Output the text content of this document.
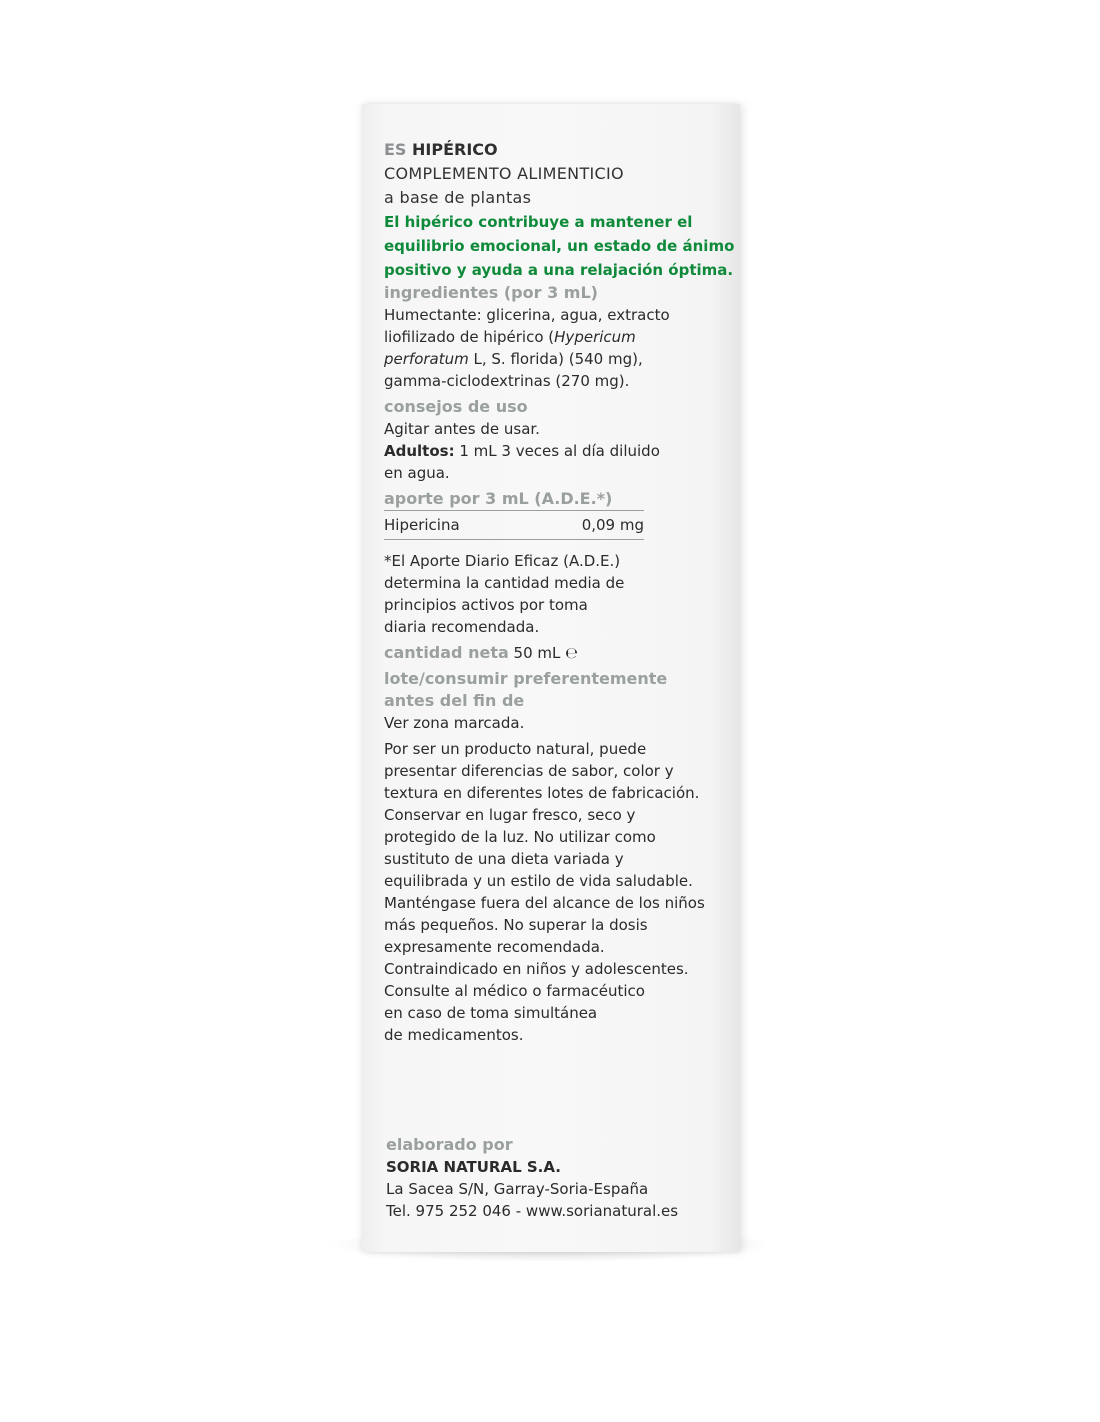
ES HIPÉRICO
COMPLEMENTO ALIMENTICIO
a base de plantas
El hipérico contribuye a mantener el
equilibrio emocional, un estado de ánimo
positivo y ayuda a una relajación óptima.
ingredientes (por 3 mL)
Humectante: glicerina, agua, extracto
liofilizado de hipérico (Hypericum
perforatum L, S. florida) (540 mg),
gamma-ciclodextrinas (270 mg).
consejos de uso
Agitar antes de usar.
Adultos: 1 mL 3 veces al día diluido
en agua.
aporte por 3 mL (A.D.E.*)
Hipericina	0,09 mg
*El Aporte Diario Eficaz (A.D.E.)
determina la cantidad media de
principios activos por toma
diaria recomendada.
cantidad neta 50 mL ℮
lote/consumir preferentemente
antes del fin de
Ver zona marcada.
Por ser un producto natural, puede
presentar diferencias de sabor, color y
textura en diferentes lotes de fabricación.
Conservar en lugar fresco, seco y
protegido de la luz. No utilizar como
sustituto de una dieta variada y
equilibrada y un estilo de vida saludable.
Manténgase fuera del alcance de los niños
más pequeños. No superar la dosis
expresamente recomendada.
Contraindicado en niños y adolescentes.
Consulte al médico o farmacéutico
en caso de toma simultánea
de medicamentos.
elaborado por
SORIA NATURAL S.A.
La Sacea S/N, Garray-Soria-España
Tel. 975 252 046 - www.sorianatural.es
